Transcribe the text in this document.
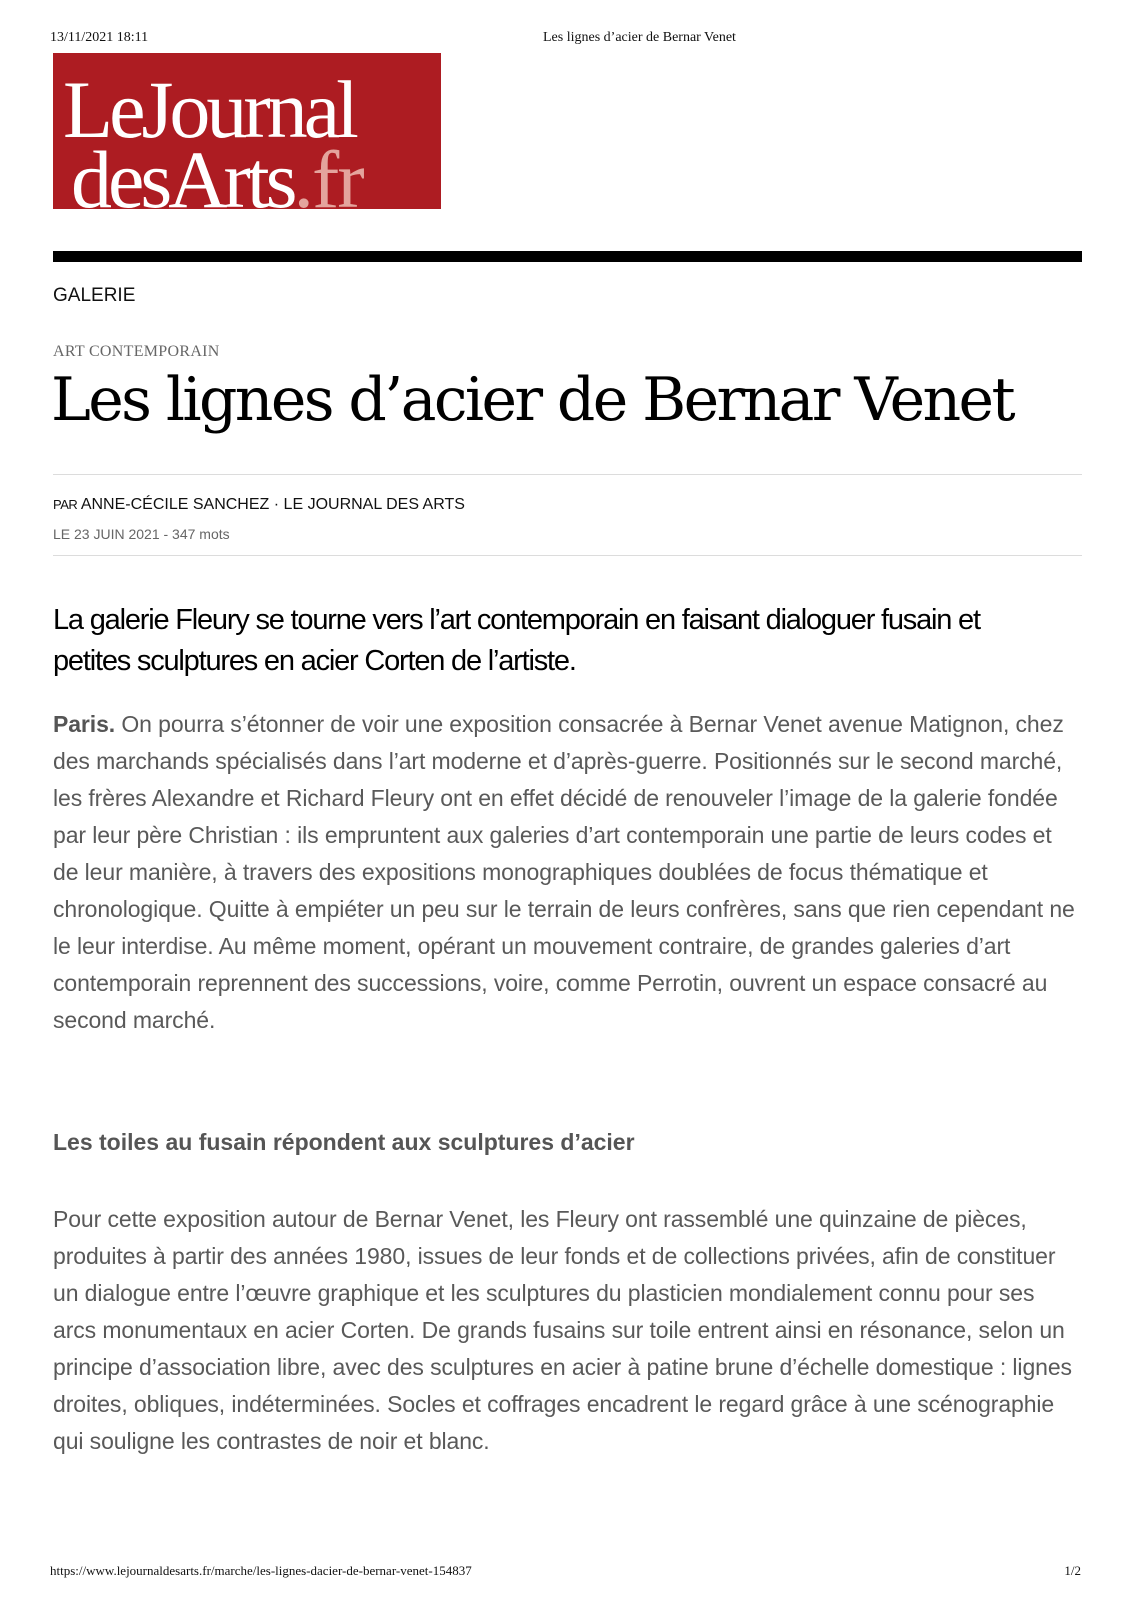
13/11/2021 18:11	Les lignes d’acier de Bernar Venet
LeJournal
desArts.fr
GALERIE
ART CONTEMPORAIN
Les lignes d’acier de Bernar Venet
PAR ANNE-CÉCILE SANCHEZ · LE JOURNAL DES ARTS
LE 23 JUIN 2021 - 347 mots

La galerie Fleury se tourne vers l’art contemporain en faisant dialoguer fusain et petites sculptures en acier Corten de l’artiste.

Paris. On pourra s’étonner de voir une exposition consacrée à Bernar Venet avenue Matignon, chez des marchands spécialisés dans l’art moderne et d’après-guerre. Positionnés sur le second marché, les frères Alexandre et Richard Fleury ont en effet décidé de renouveler l’image de la galerie fondée par leur père Christian : ils empruntent aux galeries d’art contemporain une partie de leurs codes et de leur manière, à travers des expositions monographiques doublées de focus thématique et chronologique. Quitte à empiéter un peu sur le terrain de leurs confrères, sans que rien cependant ne le leur interdise. Au même moment, opérant un mouvement contraire, de grandes galeries d’art contemporain reprennent des successions, voire, comme Perrotin, ouvrent un espace consacré au second marché.

Les toiles au fusain répondent aux sculptures d’acier

Pour cette exposition autour de Bernar Venet, les Fleury ont rassemblé une quinzaine de pièces, produites à partir des années 1980, issues de leur fonds et de collections privées, afin de constituer un dialogue entre l’œuvre graphique et les sculptures du plasticien mondialement connu pour ses arcs monumentaux en acier Corten. De grands fusains sur toile entrent ainsi en résonance, selon un principe d’association libre, avec des sculptures en acier à patine brune d’échelle domestique : lignes droites, obliques, indéterminées. Socles et coffrages encadrent le regard grâce à une scénographie qui souligne les contrastes de noir et blanc.

https://www.lejournaldesarts.fr/marche/les-lignes-dacier-de-bernar-venet-154837	1/2
